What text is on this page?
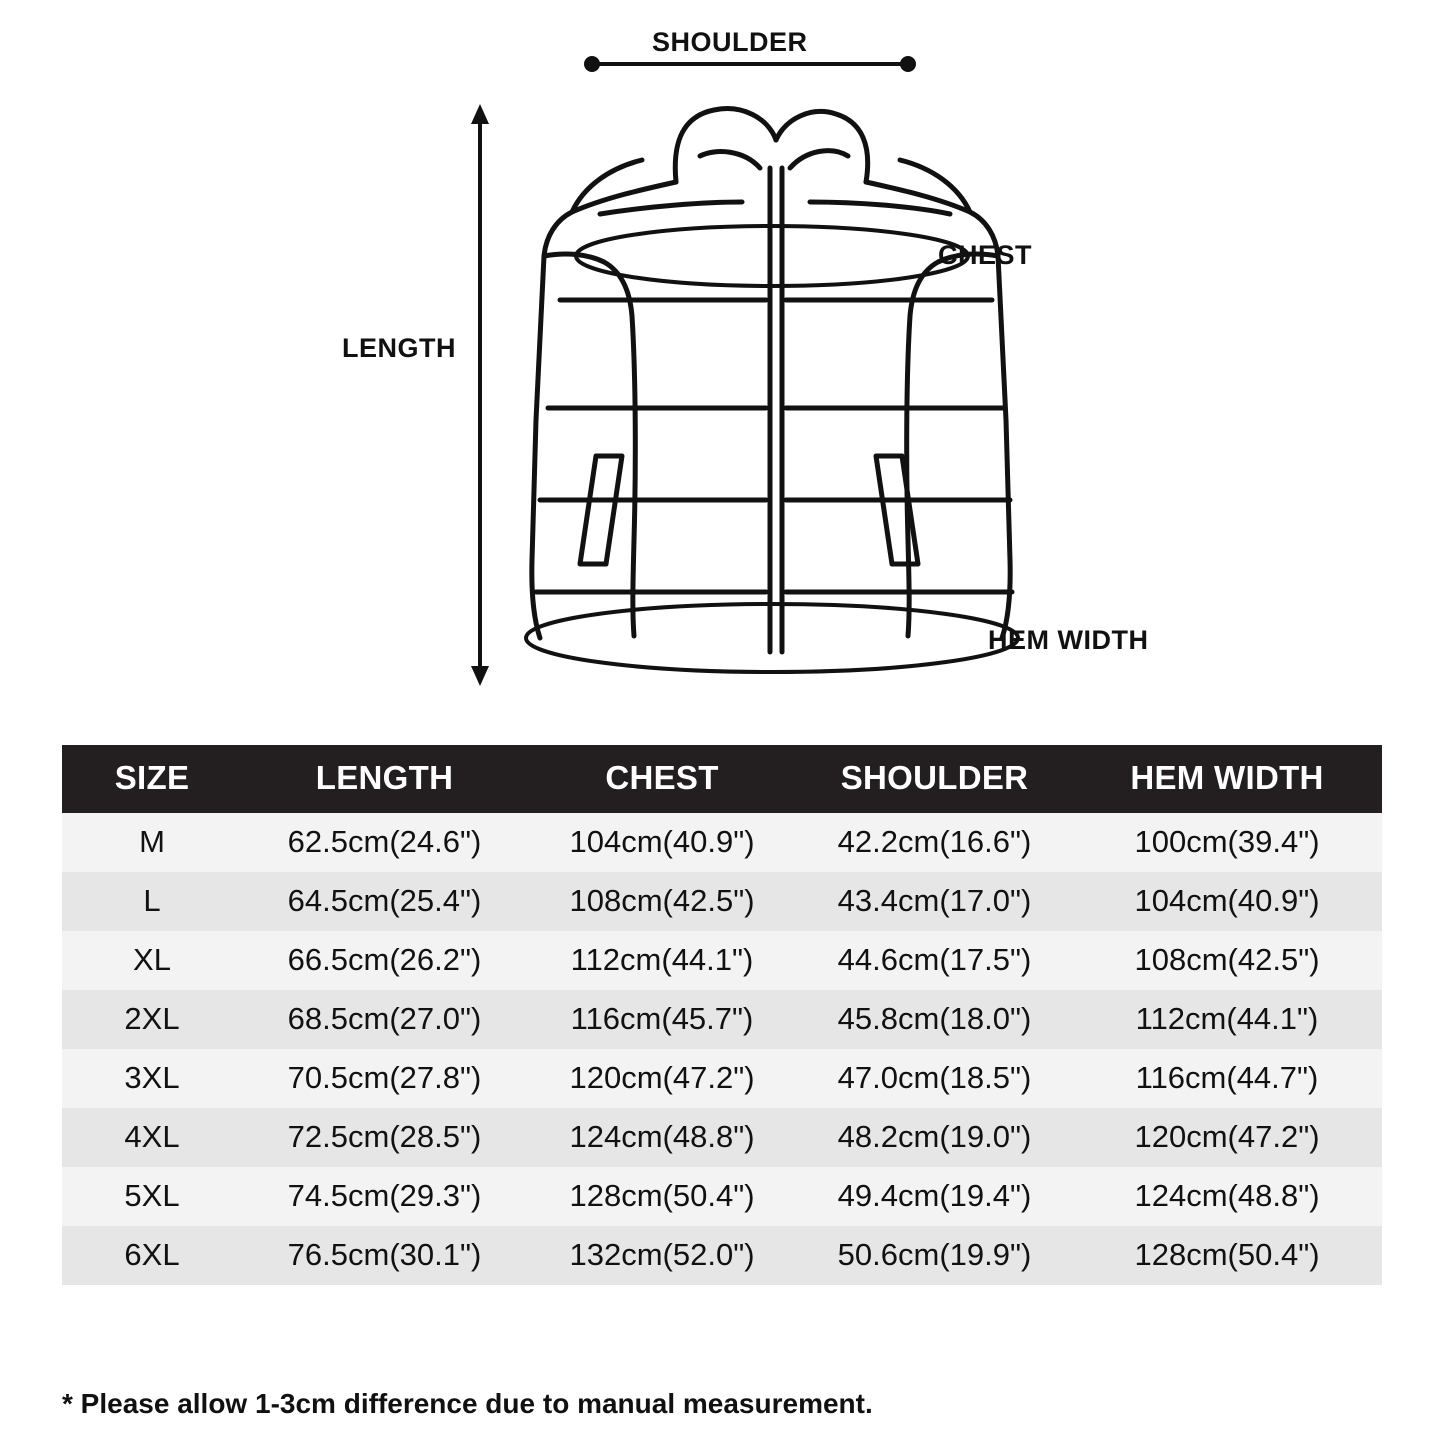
SHOULDER
CHEST
LENGTH
HEM WIDTH
SIZE	LENGTH	CHEST	SHOULDER	HEM WIDTH
M	62.5cm(24.6")	104cm(40.9")	42.2cm(16.6")	100cm(39.4")
L	64.5cm(25.4")	108cm(42.5")	43.4cm(17.0")	104cm(40.9")
XL	66.5cm(26.2")	112cm(44.1")	44.6cm(17.5")	108cm(42.5")
2XL	68.5cm(27.0")	116cm(45.7")	45.8cm(18.0")	112cm(44.1")
3XL	70.5cm(27.8")	120cm(47.2")	47.0cm(18.5")	116cm(44.7")
4XL	72.5cm(28.5")	124cm(48.8")	48.2cm(19.0")	120cm(47.2")
5XL	74.5cm(29.3")	128cm(50.4")	49.4cm(19.4")	124cm(48.8")
6XL	76.5cm(30.1")	132cm(52.0")	50.6cm(19.9")	128cm(50.4")
* Please allow 1-3cm difference due to manual measurement.
